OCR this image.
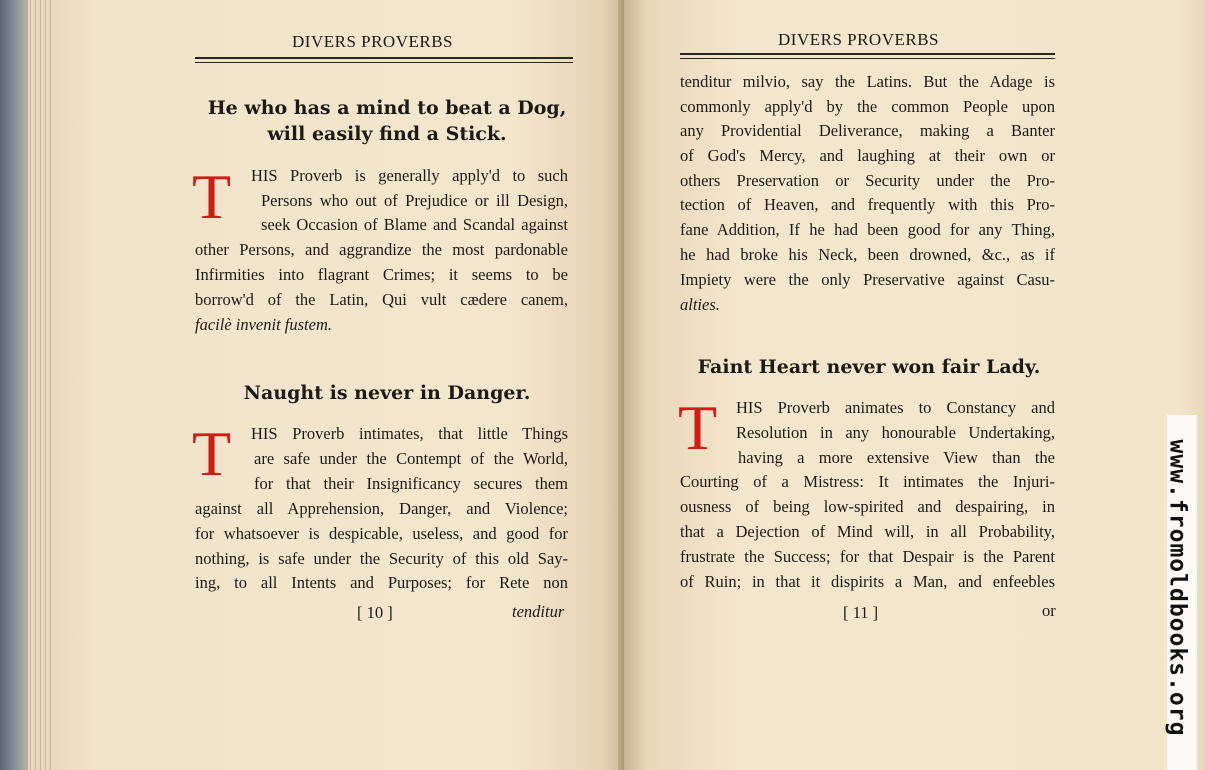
DIVERS PROVERBS
He who has a mind to beat a Dog,
will easily find a Stick.
T HIS Proverb is generally apply'd to such
Persons who out of Prejudice or ill Design,
seek Occasion of Blame and Scandal against
other Persons, and aggrandize the most pardonable
Infirmities into flagrant Crimes; it seems to be
borrow'd of the Latin, Qui vult cædere canem,
facilè invenit fustem.
Naught is never in Danger.
T HIS Proverb intimates, that little Things
are safe under the Contempt of the World,
for that their Insignificancy secures them
against all Apprehension, Danger, and Violence;
for whatsoever is despicable, useless, and good for
nothing, is safe under the Security of this old Say-
ing, to all Intents and Purposes; for Rete non
[ 10 ]	tenditur
DIVERS PROVERBS
tenditur milvio, say the Latins. But the Adage is
commonly apply'd by the common People upon
any Providential Deliverance, making a Banter
of God's Mercy, and laughing at their own or
others Preservation or Security under the Pro-
tection of Heaven, and frequently with this Pro-
fane Addition, If he had been good for any Thing,
he had broke his Neck, been drowned, &c., as if
Impiety were the only Preservative against Casu-
alties.
Faint Heart never won fair Lady.
T HIS Proverb animates to Constancy and
Resolution in any honourable Undertaking,
having a more extensive View than the
Courting of a Mistress: It intimates the Injuri-
ousness of being low-spirited and despairing, in
that a Dejection of Mind will, in all Probability,
frustrate the Success; for that Despair is the Parent
of Ruin; in that it dispirits a Man, and enfeebles
[ 11 ]	or	www.fromoldbooks.org
